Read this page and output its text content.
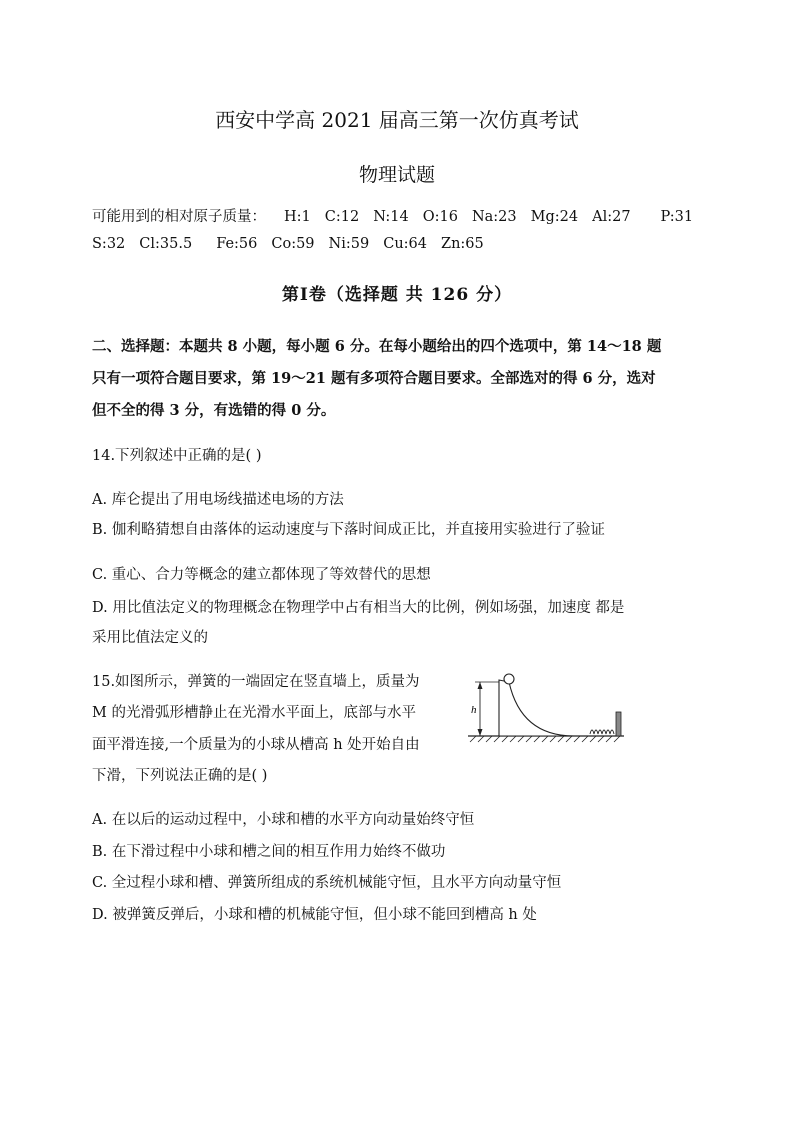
西安中学高 2021 届高三第一次仿真考试
物理试题
可能用到的相对原子质量： H:1 C:12 N:14 O:16 Na:23 Mg:24 Al:27 P:31
S:32 Cl:35.5 Fe:56 Co:59 Ni:59 Cu:64 Zn:65
第Ⅰ卷（选择题 共 126 分）
二、选择题：本题共 8 小题，每小题 6 分。在每小题给出的四个选项中，第 14～18 题
只有一项符合题目要求，第 19～21 题有多项符合题目要求。全部选对的得 6 分，选对
但不全的得 3 分，有选错的得 0 分。
14.下列叙述中正确的是( )
A. 库仑提出了用电场线描述电场的方法
B. 伽利略猜想自由落体的运动速度与下落时间成正比，并直接用实验进行了验证
C. 重心、合力等概念的建立都体现了等效替代的思想
D. 用比值法定义的物理概念在物理学中占有相当大的比例，例如场强，加速度 都是
采用比值法定义的
15.如图所示，弹簧的一端固定在竖直墙上，质量为
M 的光滑弧形槽静止在光滑水平面上，底部与水平
面平滑连接,一个质量为的小球从槽高 h 处开始自由
下滑，下列说法正确的是( )
h
A. 在以后的运动过程中，小球和槽的水平方向动量始终守恒
B. 在下滑过程中小球和槽之间的相互作用力始终不做功
C. 全过程小球和槽、弹簧所组成的系统机械能守恒，且水平方向动量守恒
D. 被弹簧反弹后，小球和槽的机械能守恒，但小球不能回到槽高 h 处
